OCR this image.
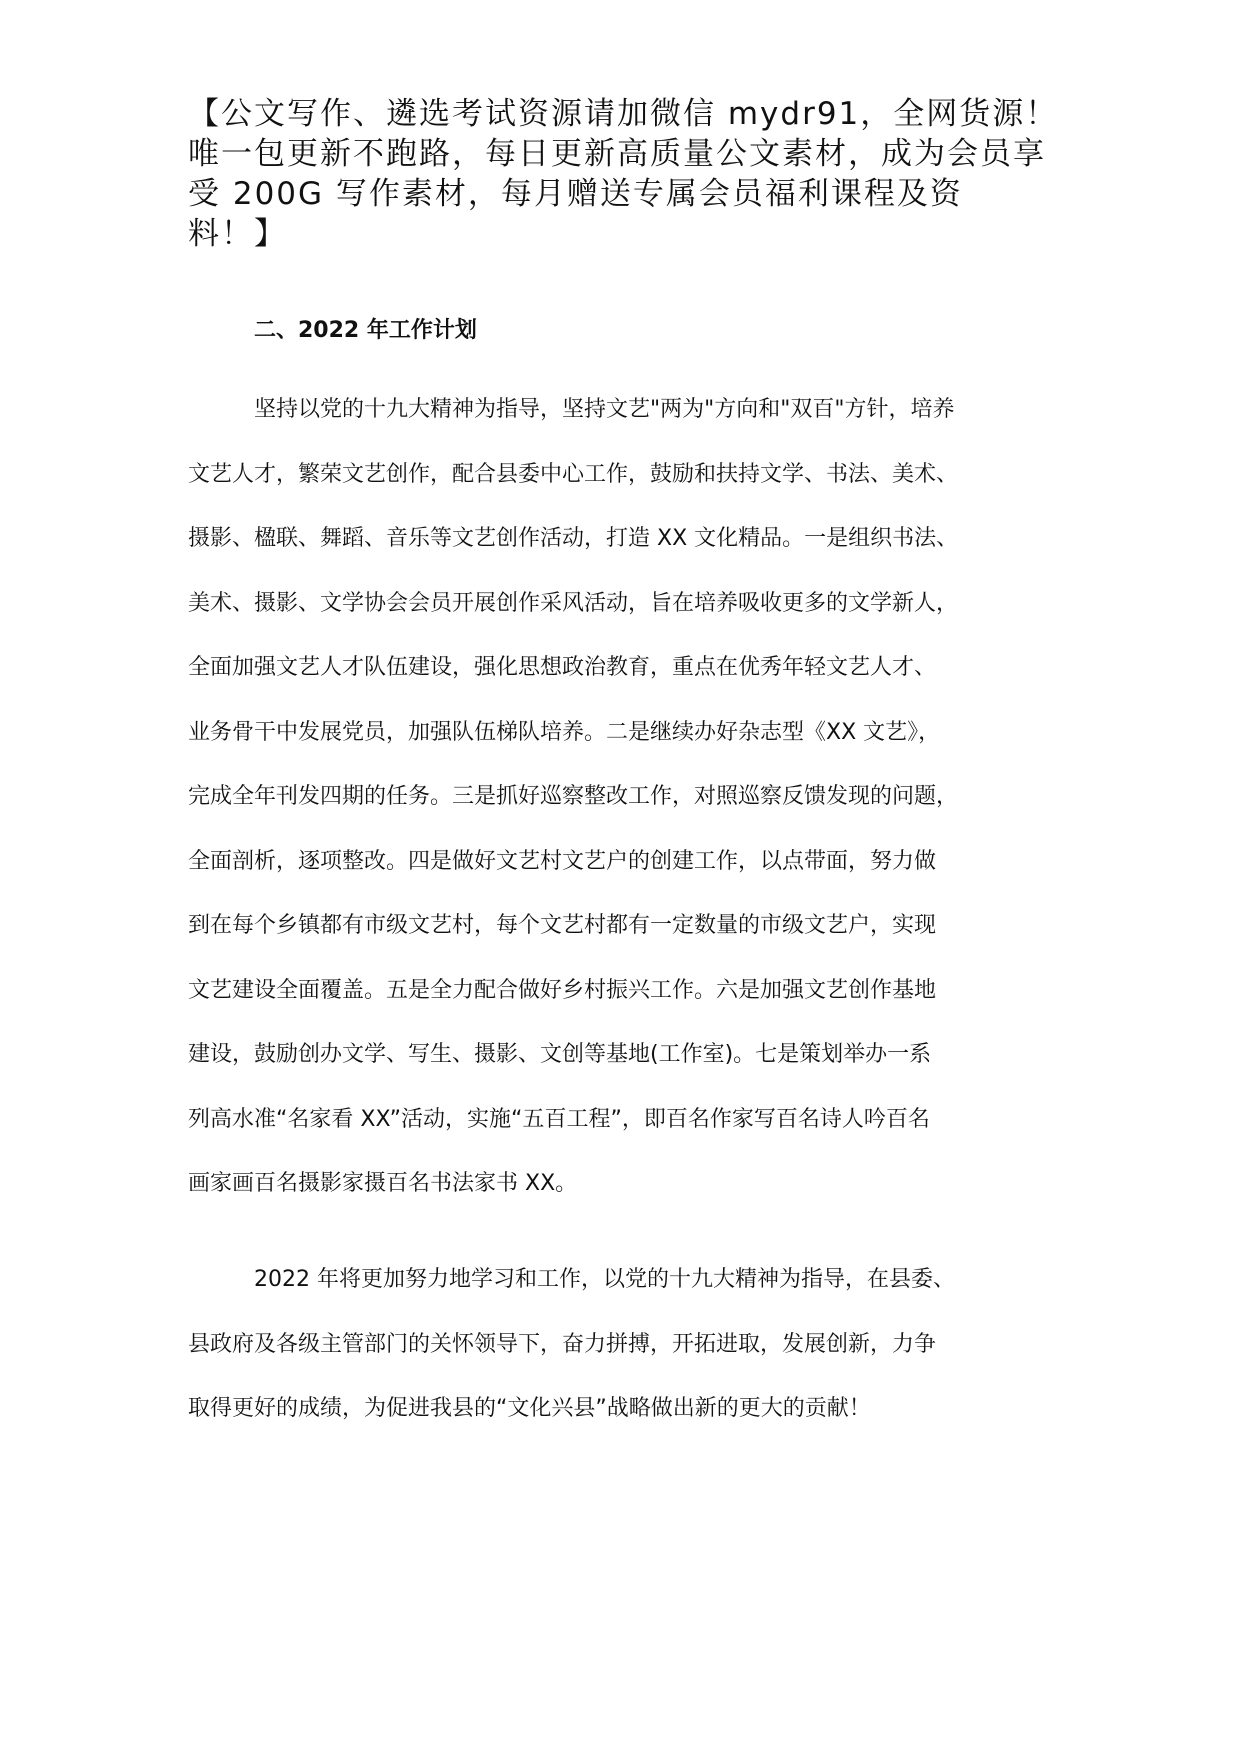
【公文写作、遴选考试资源请加微信 mydr91，全网货源！
唯一包更新不跑路，每日更新高质量公文素材，成为会员享
受 200G 写作素材，每月赠送专属会员福利课程及资
料！】
二、2022 年工作计划
坚持以党的十九大精神为指导，坚持文艺"两为"方向和"双百"方针，培养
文艺人才，繁荣文艺创作，配合县委中心工作，鼓励和扶持文学、书法、美术、
摄影、楹联、舞蹈、音乐等文艺创作活动，打造 XX 文化精品。一是组织书法、
美术、摄影、文学协会会员开展创作采风活动，旨在培养吸收更多的文学新人，
全面加强文艺人才队伍建设，强化思想政治教育，重点在优秀年轻文艺人才、
业务骨干中发展党员，加强队伍梯队培养。二是继续办好杂志型《XX 文艺》，
完成全年刊发四期的任务。三是抓好巡察整改工作，对照巡察反馈发现的问题，
全面剖析，逐项整改。四是做好文艺村文艺户的创建工作，以点带面，努力做
到在每个乡镇都有市级文艺村，每个文艺村都有一定数量的市级文艺户，实现
文艺建设全面覆盖。五是全力配合做好乡村振兴工作。六是加强文艺创作基地
建设，鼓励创办文学、写生、摄影、文创等基地(工作室)。七是策划举办一系
列高水准“名家看 XX”活动，实施“五百工程”，即百名作家写百名诗人吟百名
画家画百名摄影家摄百名书法家书 XX。
2022 年将更加努力地学习和工作，以党的十九大精神为指导，在县委、
县政府及各级主管部门的关怀领导下，奋力拼搏，开拓进取，发展创新，力争
取得更好的成绩，为促进我县的“文化兴县”战略做出新的更大的贡献！
